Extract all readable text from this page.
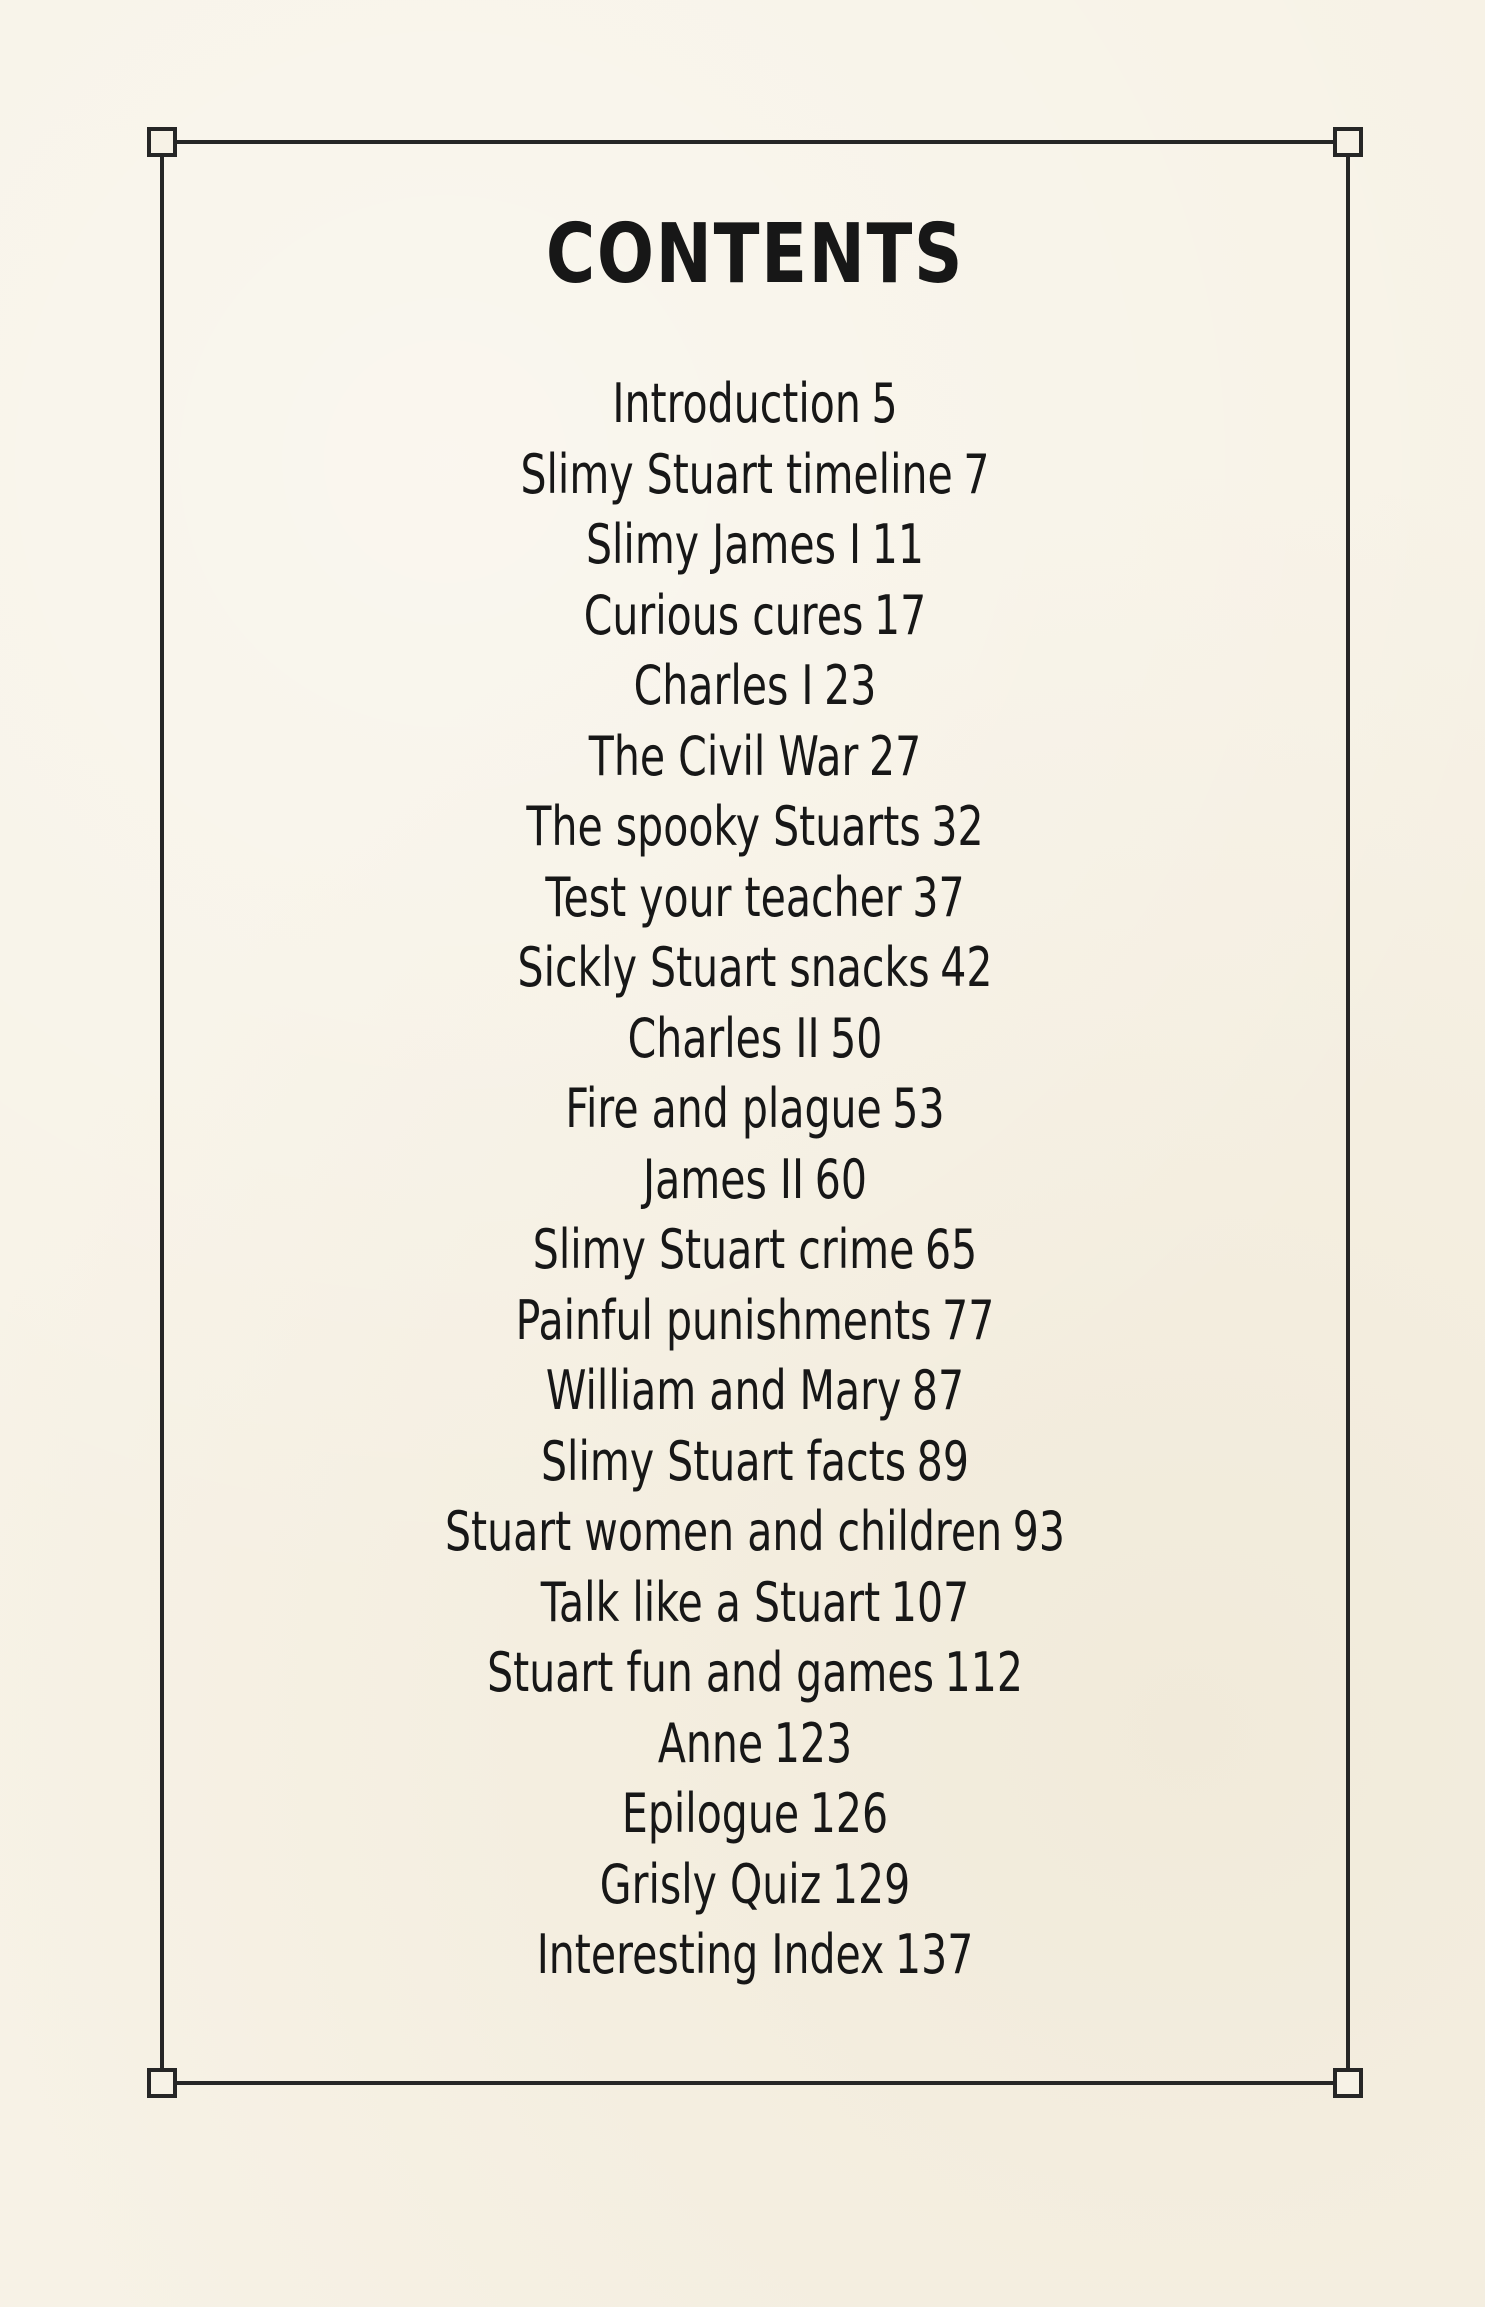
CONTENTS
Introduction 5
Slimy Stuart timeline 7
Slimy James I 11
Curious cures 17
Charles I 23
The Civil War 27
The spooky Stuarts 32
Test your teacher 37
Sickly Stuart snacks 42
Charles II 50
Fire and plague 53
James II 60
Slimy Stuart crime 65
Painful punishments 77
William and Mary 87
Slimy Stuart facts 89
Stuart women and children 93
Talk like a Stuart 107
Stuart fun and games 112
Anne 123
Epilogue 126
Grisly Quiz 129
Interesting Index 137
